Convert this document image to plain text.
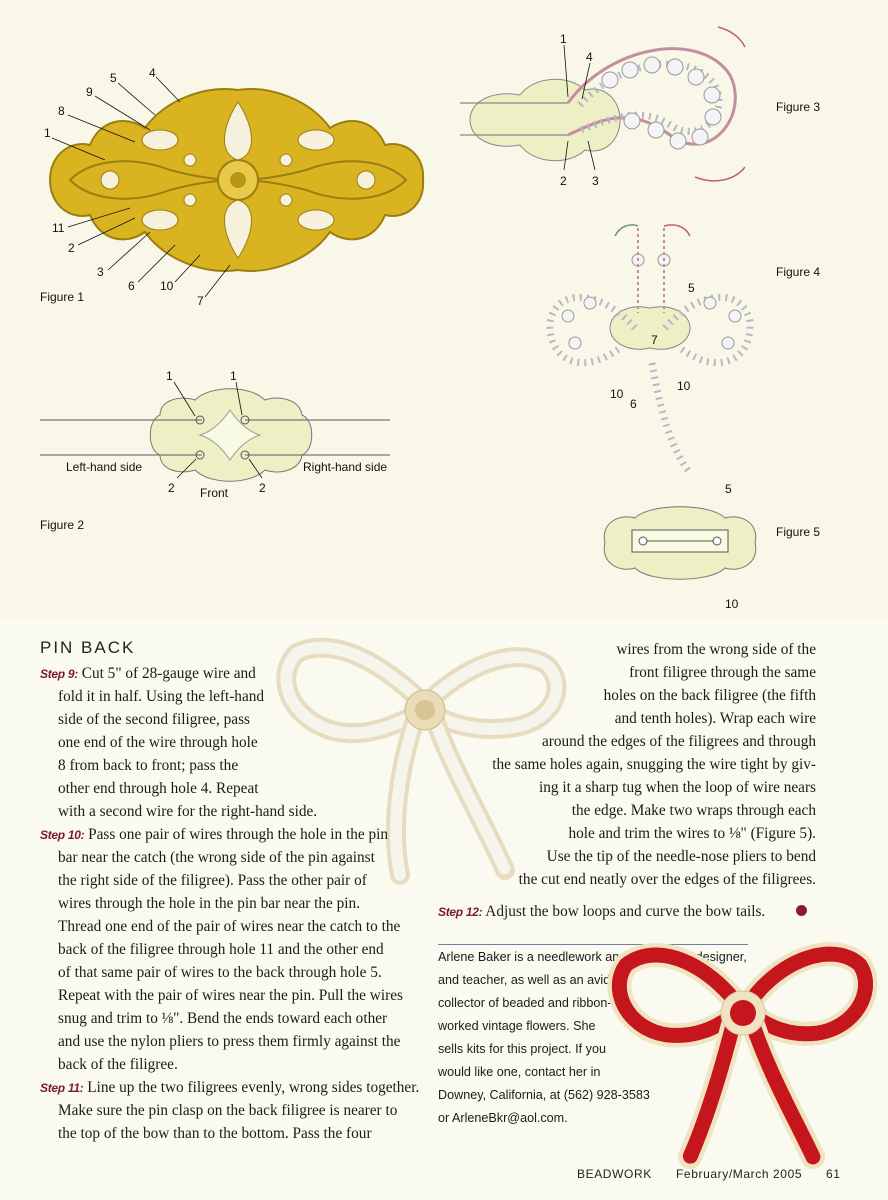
5	4
9
8
1
11
2
3
6 10
7
Figure 1
1	1
2	2
Left-hand side	Right-hand side
Front
Figure 2
1
4
2 3
Figure 3
5
7
10
6
10
Figure 4
5
10
Figure 5
PIN BACK
Step 9: Cut 5" of 28-gauge wire and
fold it in half. Using the left-hand
side of the second filigree, pass
one end of the wire through hole
8 from back to front; pass the
other end through hole 4. Repeat
with a second wire for the right-hand side.
Step 10: Pass one pair of wires through the hole in the pin
bar near the catch (the wrong side of the pin against
the right side of the filigree). Pass the other pair of
wires through the hole in the pin bar near the pin.
Thread one end of the pair of wires near the catch to the
back of the filigree through hole 11 and the other end
of that same pair of wires to the back through hole 5.
Repeat with the pair of wires near the pin. Pull the wires
snug and trim to ⅛". Bend the ends toward each other
and use the nylon pliers to press them firmly against the
back of the filigree.
Step 11: Line up the two filigrees evenly, wrong sides together.
Make sure the pin clasp on the back filigree is nearer to
the top of the bow than to the bottom. Pass the four
wires from the wrong side of the
front filigree through the same
holes on the back filigree (the fifth
and tenth holes). Wrap each wire
around the edges of the filigrees and through
the same holes again, snugging the wire tight by giv-
ing it a sharp tug when the loop of wire nears
the edge. Make two wraps through each
hole and trim the wires to ⅛" (Figure 5).
Use the tip of the needle-nose pliers to bend
the cut end neatly over the edges of the filigrees.
Step 12: Adjust the bow loops and curve the bow tails.
Arlene Baker is a needlework and bead artist, designer,
and teacher, as well as an avid
collector of beaded and ribbon-
worked vintage flowers. She
sells kits for this project. If you
would like one, contact her in
Downey, California, at (562) 928-3583
or ArleneBkr@aol.com.
BEADWORK February/March 2005 61
